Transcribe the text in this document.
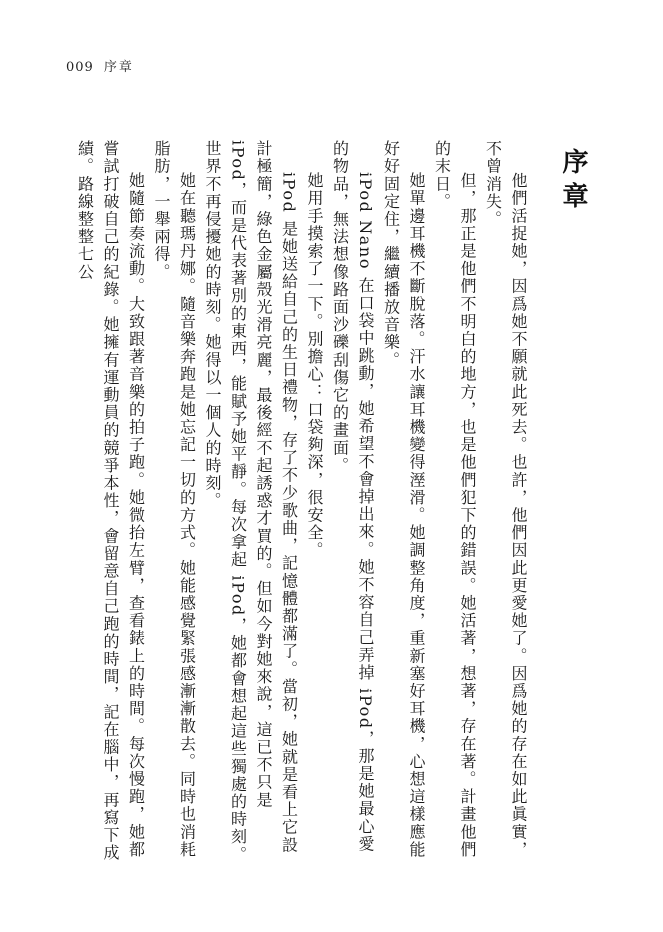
009 序章
序章

他們活捉她，因爲她不願就此死去。也許，他們因此更愛她了。因爲她的存在如此眞實，不曾消失。

但，那正是他們不明白的地方，也是他們犯下的錯誤。她活著，想著，存在著。計畫他們的末日。

她單邊耳機不斷脫落。汗水讓耳機變得溼滑。她調整角度，重新塞好耳機，心想這樣應能好好固定住，繼續播放音樂。

iPod Nano 在口袋中跳動，她希望不會掉出來。她不容自己弄掉 iPod，那是她最心愛的物品，無法想像路面沙礫刮傷它的畫面。

她用手摸索了一下。別擔心：口袋夠深，很安全。

iPod 是她送給自己的生日禮物，存了不少歌曲，記憶體都滿了。當初，她就是看上它設計極簡，綠色金屬殼光滑亮麗，最後經不起誘惑才買的。但如今對她來說，這已不只是 iPod，而是代表著別的東西，能賦予她平靜。每次拿起 iPod，她都會想起這些獨處的時刻。世界不再侵擾她的時刻。她得以一個人的時刻。

她在聽瑪丹娜。隨音樂奔跑是她忘記一切的方式。她能感覺緊張感漸漸散去。同時也消耗脂肪，一舉兩得。

她隨節奏流動。大致跟著音樂的拍子跑。她微抬左臂，查看錶上的時間。每次慢跑，她都嘗試打破自己的紀錄。她擁有運動員的競爭本性，會留意自己跑的時間，記在腦中，再寫下成績。路線整整七公
